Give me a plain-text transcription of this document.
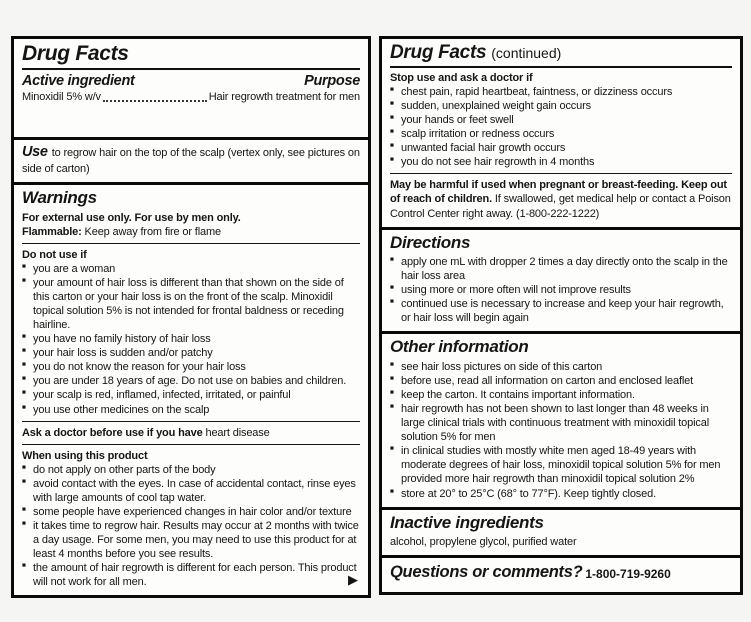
Drug Facts
Active ingredient	Purpose
Minoxidil 5% w/v	Hair regrowth treatment for men
Use to regrow hair on the top of the scalp (vertex only, see pictures on side of carton)
Warnings

For external use only. For use by men only.

Flammable: Keep away from fire or flame

Do not use if

■ you are a woman
■ your amount of hair loss is different than that shown on the side of this carton or your hair loss is on the front of the scalp. Minoxidil topical solution 5% is not intended for frontal baldness or receding hairline.
■ you have no family history of hair loss
■ your hair loss is sudden and/or patchy
■ you do not know the reason for your hair loss
■ you are under 18 years of age. Do not use on babies and children.
■ your scalp is red, inflamed, infected, irritated, or painful
■ you use other medicines on the scalp

Ask a doctor before use if you have heart disease

When using this product

■ do not apply on other parts of the body
■ avoid contact with the eyes. In case of accidental contact, rinse eyes with large amounts of cool tap water.
■ some people have experienced changes in hair color and/or texture
■ it takes time to regrow hair. Results may occur at 2 months with twice a day usage. For some men, you may need to use this product for at least 4 months before you see results.
■ the amount of hair regrowth is different for each person. This product will not work for all men.	▶
Drug Facts (continued)

Stop use and ask a doctor if

■ chest pain, rapid heartbeat, faintness, or dizziness occurs
■ sudden, unexplained weight gain occurs
■ your hands or feet swell
■ scalp irritation or redness occurs
■ unwanted facial hair growth occurs
■ you do not see hair regrowth in 4 months

May be harmful if used when pregnant or breast-feeding. Keep out of reach of children. If swallowed, get medical help or contact a Poison Control Center right away. (1-800-222-1222)

Directions
■ apply one mL with dropper 2 times a day directly onto the scalp in the hair loss area
■ using more or more often will not improve results
■ continued use is necessary to increase and keep your hair regrowth, or hair loss will begin again
Other information
■ see hair loss pictures on side of this carton
■ before use, read all information on carton and enclosed leaflet
■ keep the carton. It contains important information.
■ hair regrowth has not been shown to last longer than 48 weeks in large clinical trials with continuous treatment with minoxidil topical solution 5% for men
■ in clinical studies with mostly white men aged 18-49 years with moderate degrees of hair loss, minoxidil topical solution 5% for men provided more hair regrowth than minoxidil topical solution 2%
■ store at 20° to 25°C (68° to 77°F). Keep tightly closed.
Inactive ingredients

alcohol, propylene glycol, purified water

Questions or comments? 1-800-719-9260
